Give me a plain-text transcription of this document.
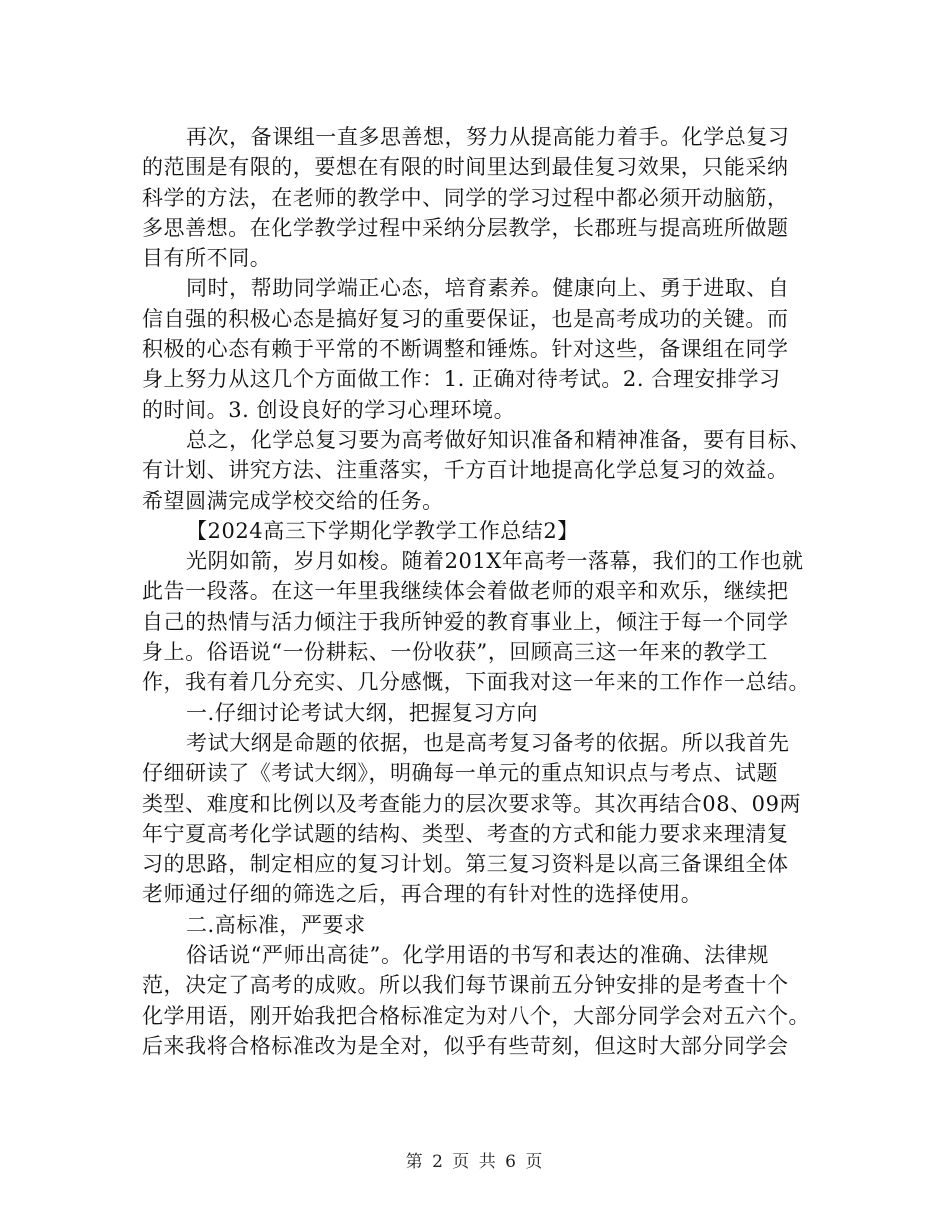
再次，备课组一直多思善想，努力从提高能力着手。化学总复习
的范围是有限的，要想在有限的时间里达到最佳复习效果，只能采纳
科学的方法，在老师的教学中、同学的学习过程中都必须开动脑筋，
多思善想。在化学教学过程中采纳分层教学，长郡班与提高班所做题
目有所不同。
同时，帮助同学端正心态，培育素养。健康向上、勇于进取、自
信自强的积极心态是搞好复习的重要保证，也是高考成功的关键。而
积极的心态有赖于平常的不断调整和锤炼。针对这些，备课组在同学
身上努力从这几个方面做工作：1. 正确对待考试。2. 合理安排学习
的时间。3. 创设良好的学习心理环境。
总之，化学总复习要为高考做好知识准备和精神准备，要有目标、
有计划、讲究方法、注重落实，千方百计地提高化学总复习的效益。
希望圆满完成学校交给的任务。
【2024高三下学期化学教学工作总结2】
光阴如箭，岁月如梭。随着201X年高考一落幕，我们的工作也就
此告一段落。在这一年里我继续体会着做老师的艰辛和欢乐，继续把
自己的热情与活力倾注于我所钟爱的教育事业上，倾注于每一个同学
身上。俗语说“一份耕耘、一份收获”，回顾高三这一年来的教学工
作，我有着几分充实、几分感慨，下面我对这一年来的工作作一总结。
一.仔细讨论考试大纲，把握复习方向
考试大纲是命题的依据，也是高考复习备考的依据。所以我首先
仔细研读了《考试大纲》，明确每一单元的重点知识点与考点、试题
类型、难度和比例以及考查能力的层次要求等。其次再结合08、09两
年宁夏高考化学试题的结构、类型、考查的方式和能力要求来理清复
习的思路，制定相应的复习计划。第三复习资料是以高三备课组全体
老师通过仔细的筛选之后，再合理的有针对性的选择使用。
二.高标准，严要求
俗话说“严师出高徒”。化学用语的书写和表达的准确、法律规
范，决定了高考的成败。所以我们每节课前五分钟安排的是考查十个
化学用语，刚开始我把合格标准定为对八个，大部分同学会对五六个。
后来我将合格标准改为是全对，似乎有些苛刻，但这时大部分同学会
第 2 页 共 6 页
